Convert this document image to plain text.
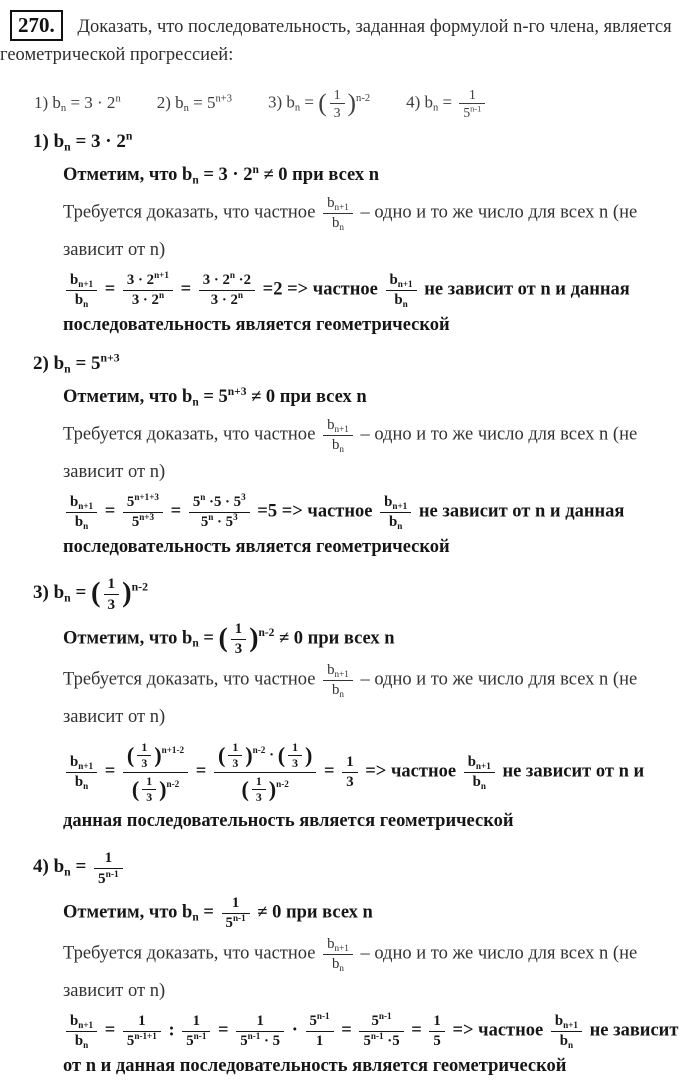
270. Доказать, что последовательность, заданная формулой n-го члена, является геометрической прогрессией:
1) $b_n = 3 \cdot 2^n$ 2) $b_n = 5^{n+3}$ 3) $b_n$ = ( $\frac{1}{3} )^{n-2}$ 4) $b_n = \frac{1}{5^{n-1}}$
1) $b_n = 3 \cdot 2^n$
Отметим, что $b_n = 3 \cdot 2^n \ne 0$ при всех n
Требуется доказать, что частное $\frac{b_{n+1}}{b_n}$ – одно и то же число для всех n (не зависит от n)
$\frac{b_{n+1}}{b_n} = \frac{3 \cdot 2^{n+1}}{3 \cdot 2^n} = \frac{3 \cdot 2^n \cdot 2}{3 \cdot 2^n} =2$ => частное $\frac{b_{n+1}}{b_n}$ не зависит от n и данная последовательность является геометрической
2) $b_n = 5^{n+3}$
Отметим, что $b_n = 5^{n+3} \ne 0$ при всех n
Требуется доказать, что частное $\frac{b_{n+1}}{b_n}$ – одно и то же число для всех n (не зависит от n)
$\frac{b_{n+1}}{b_n} = \frac{5^{n+1+3}}{5^{n+3}} = \frac{5^n \cdot 5 \cdot 5^3}{5^n \cdot 5^3} =5$ => частное $\frac{b_{n+1}}{b_n}$ не зависит от n и данная последовательность является геометрической
3) $b_n$ = ( $\frac{1}{3} )^{n-2}$
Отметим, что $b_n$ = ( $\frac{1}{3} )^{n-2} \ne 0$ при всех n
Требуется доказать, что частное $\frac{b_{n+1}}{b_n}$ – одно и то же число для всех n (не зависит от n)
$\frac{b_{n+1}}{b_n} = \frac{( \frac{1}{3} )^{n+1-2}}{( \frac{1}{3} )^{n-2}} = \frac{( \frac{1}{3} )^{n-2} \cdot ( \frac{1}{3} )}{( \frac{1}{3} )^{n-2}} = \frac{1}{3}$ => частное $\frac{b_{n+1}}{b_n}$ не зависит от n и данная последовательность является геометрической
4) $b_n = \frac{1}{5^{n-1}}$
Отметим, что $b_n = \frac{1}{5^{n-1}} \ne 0$ при всех n
Требуется доказать, что частное $\frac{b_{n+1}}{b_n}$ – одно и то же число для всех n (не зависит от n)
$\frac{b_{n+1}}{b_n} = \frac{1}{5^{n-1+1}}$ : $\frac{1}{5^{n-1}} = \frac{1}{5^{n-1} \cdot 5} \cdot \frac{5^{n-1}}{1} = \frac{5^{n-1}}{5^{n-1} \cdot 5} = \frac{1}{5}$ => частное $\frac{b_{n+1}}{b_n}$ не зависит от n и данная последовательность является геометрической
